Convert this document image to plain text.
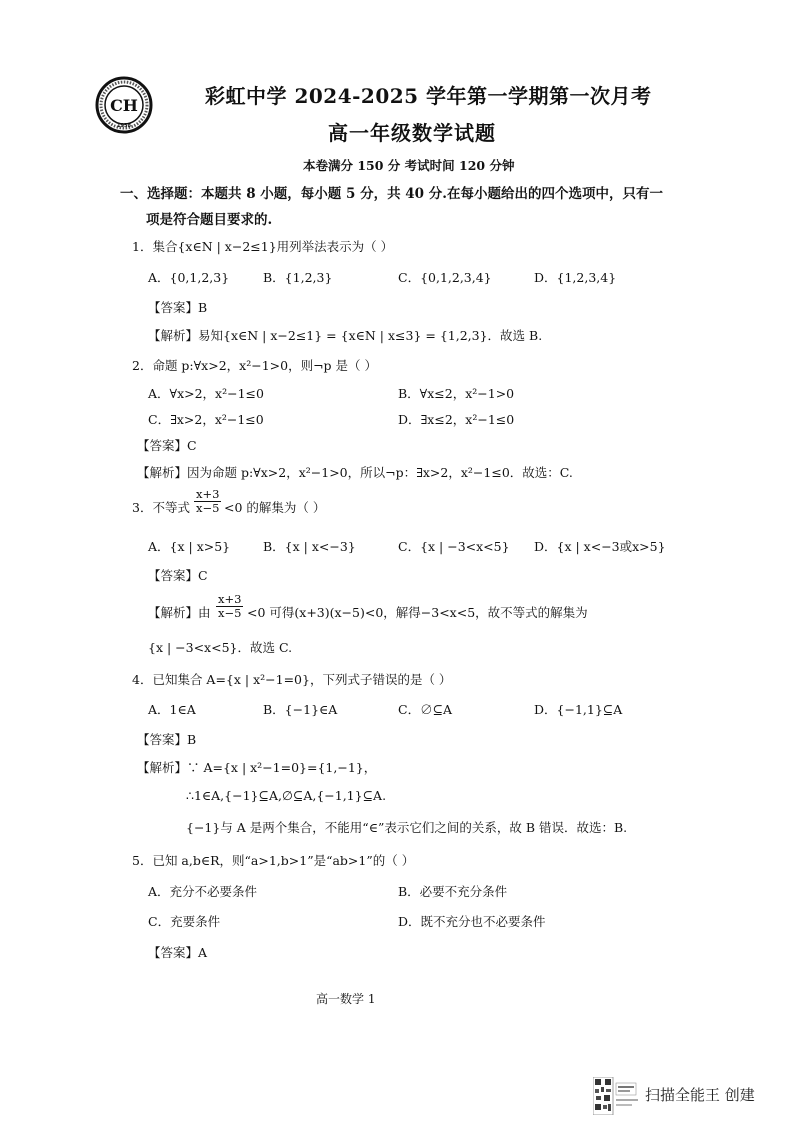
CH
1958
彩虹中学 2024-2025 学年第一学期第一次月考
高一年级数学试题
本卷满分 150 分 考试时间 120 分钟
一、选择题：本题共 8 小题，每小题 5 分，共 40 分.在每小题给出的四个选项中，只有一
项是符合题目要求的.
1．集合{x∈N | x−2≤1}用列举法表示为（ ）
A．{0,1,2,3}	B．{1,2,3}	C．{0,1,2,3,4}	D．{1,2,3,4}
【答案】B
【解析】易知{x∈N | x−2≤1} = {x∈N | x≤3} = {1,2,3}．故选 B.
2．命题 p:∀x>2，x²−1>0，则¬p 是（ ）
A．∀x>2，x²−1≤0	B．∀x≤2，x²−1>0
C．∃x>2，x²−1≤0	D．∃x≤2，x²−1≤0
【答案】C
【解析】因为命题 p:∀x>2，x²−1>0，所以¬p：∃x>2，x²−1≤0．故选：C.
3．不等式 $\frac{x+3}{x-5} <0$ 的解集为（ ）
A．{x | x>5}	B．{x | x<−3}	C．{x | −3<x<5} D．{x | x<−3或x>5}
【答案】C
【解析】由 $\frac{x+3}{x-5} <0$ 可得(x+3)(x−5)<0，解得−3<x<5，故不等式的解集为
{x | −3<x<5}．故选 C.
4．已知集合 A={x | x²−1=0}，下列式子错误的是（ ）
A．1∈A	B．{−1}∈A	C．∅⊆A	D．{−1,1}⊆A
【答案】B
【解析】∵ A={x | x²−1=0}={1,−1}，
∴1∈A,{−1}⊆A,∅⊆A,{−1,1}⊆A.
{−1}与 A 是两个集合，不能用“∈”表示它们之间的关系，故 B 错误．故选：B.
5．已知 a,b∈R，则“a>1,b>1”是“ab>1”的（ ）
A．充分不必要条件	B．必要不充分条件
C．充要条件	D．既不充分也不必要条件
【答案】A
高一数学 1
扫描全能王 创建
